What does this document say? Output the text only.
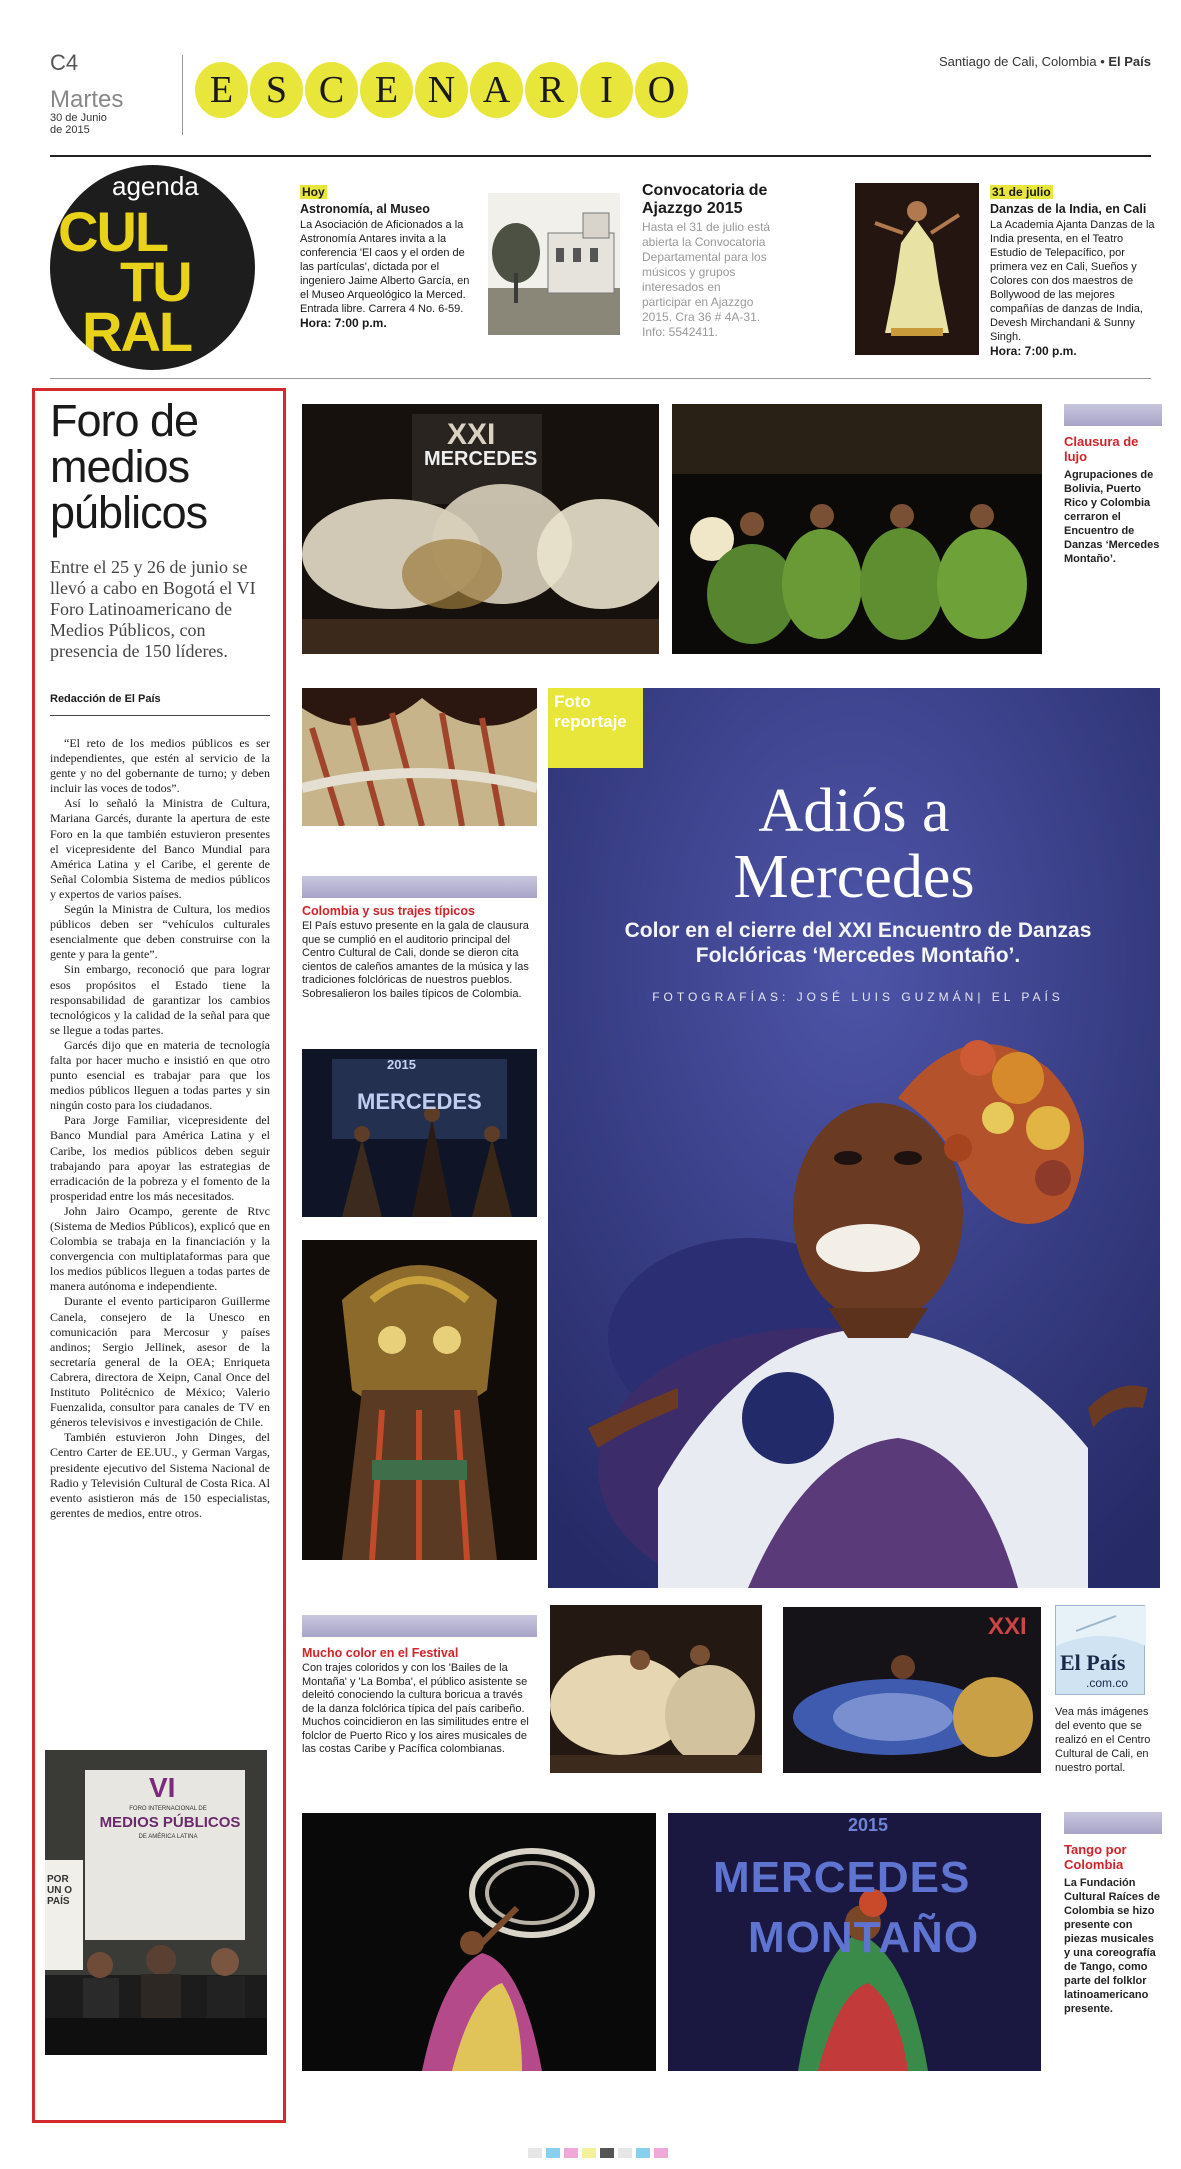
C4
Martes
30 de Junio de 2015
E S C E N A R I O
Santiago de Cali, Colombia • El País
agenda
CUL
TU
RAL
Hoy
Astronomía, al Museo
La Asociación de Aficionados a la Astronomía Antares invita a la conferencia 'El caos y el orden de las partículas', dictada por el ingeniero Jaime Alberto García, en el Museo Arqueológico la Merced. Entrada libre. Carrera 4 No. 6-59.
Hora: 7:00 p.m.
Convocatoria de Ajazzgo 2015
Hasta el 31 de julio está abierta la Convocatoria Departamental para los músicos y grupos interesados en participar en Ajazzgo 2015. Cra 36 # 4A-31. Info: 5542411.
31 de julio
Danzas de la India, en Cali
La Academia Ajanta Danzas de la India presenta, en el Teatro Estudio de Telepacífico, por primera vez en Cali, Sueños y Colores con dos maestros de Bollywood de las mejores compañías de danzas de India, Devesh Mirchandani & Sunny Singh.
Hora: 7:00 p.m.
Foro de medios públicos
Entre el 25 y 26 de junio se llevó a cabo en Bogotá el VI Foro Latinoamericano de Medios Públicos, con presencia de 150 líderes.
Redacción de El País

“El reto de los medios públicos es ser independientes, que estén al servicio de la gente y no del gobernante de turno; y deben incluir las voces de todos”.

Así lo señaló la Ministra de Cultura, Mariana Garcés, durante la apertura de este Foro en la que también estuvieron presentes el vicepresidente del Banco Mundial para América Latina y el Caribe, el gerente de Señal Colombia Sistema de medios públicos y expertos de varios países.

Según la Ministra de Cultura, los medios públicos deben ser “vehículos culturales esencialmente que deben construirse con la gente y para la gente”.

Sin embargo, reconoció que para lograr esos propósitos el Estado tiene la responsabilidad de garantizar los cambios tecnológicos y la calidad de la señal para que se llegue a todas partes.

Garcés dijo que en materia de tecnología falta por hacer mucho e insistió en que otro punto esencial es trabajar para que los medios públicos lleguen a todas partes y sin ningún costo para los ciudadanos.

Para Jorge Familiar, vicepresidente del Banco Mundial para América Latina y el Caribe, los medios públicos deben seguir trabajando para apoyar las estrategias de erradicación de la pobreza y el fomento de la prosperidad entre los más necesitados.

John Jairo Ocampo, gerente de Rtvc (Sistema de Medios Públicos), explicó que en Colombia se trabaja en la financiación y la convergencia con multiplataformas para que los medios públicos lleguen a todas partes de manera autónoma e independiente.

Durante el evento participaron Guillerme Canela, consejero de la Unesco en comunicación para Mercosur y países andinos; Sergio Jellinek, asesor de la secretaría general de la OEA; Enriqueta Cabrera, directora de Xeipn, Canal Once del Instituto Politécnico de México; Valerio Fuenzalida, consultor para canales de TV en géneros televisivos e investigación de Chile.

También estuvieron John Dinges, del Centro Carter de EE.UU., y German Vargas, presidente ejecutivo del Sistema Nacional de Radio y Televisión Cultural de Costa Rica. Al evento asistieron más de 150 especialistas, gerentes de medios, entre otros.

VI
FORO INTERNACIONAL DE
MEDIOS PÚBLICOS
DE AMÉRICA LATINA
POR UN O PAÍS
XXI
MERCEDES
Clausura de lujo
Agrupaciones de Bolivia, Puerto Rico y Colombia cerraron el Encuentro de Danzas ‘Mercedes Montaño’.
Colombia y sus trajes típicos
El País estuvo presente en la gala de clausura que se cumplió en el auditorio principal del Centro Cultural de Cali, donde se dieron cita cientos de caleños amantes de la música y las tradiciones folclóricas de nuestros pueblos. Sobresalieron los bailes típicos de Colombia.
2015
MERCEDES
Foto
reportaje
Adiós a
Mercedes
Color en el cierre del XXI Encuentro de Danzas Folclóricas ‘Mercedes Montaño’.
FOTOGRAFÍAS: JOSÉ LUIS GUZMÁN| EL PAÍS
Mucho color en el Festival
Con trajes coloridos y con los 'Bailes de la Montaña' y 'La Bomba', el público asistente se deleitó conociendo la cultura boricua a través de la danza folclórica típica del país caribeño. Muchos coincidieron en las similitudes entre el folclor de Puerto Rico y los aires musicales de las costas Caribe y Pacífica colombianas.
XXI
El País
.com.co
Vea más imágenes del evento que se realizó en el Centro Cultural de Cali, en nuestro portal.
2015
MERCEDES
MONTAÑO
Tango por Colombia
La Fundación Cultural Raíces de Colombia se hizo presente con piezas musicales y una coreografía de Tango, como parte del folklor latinoamericano presente.
